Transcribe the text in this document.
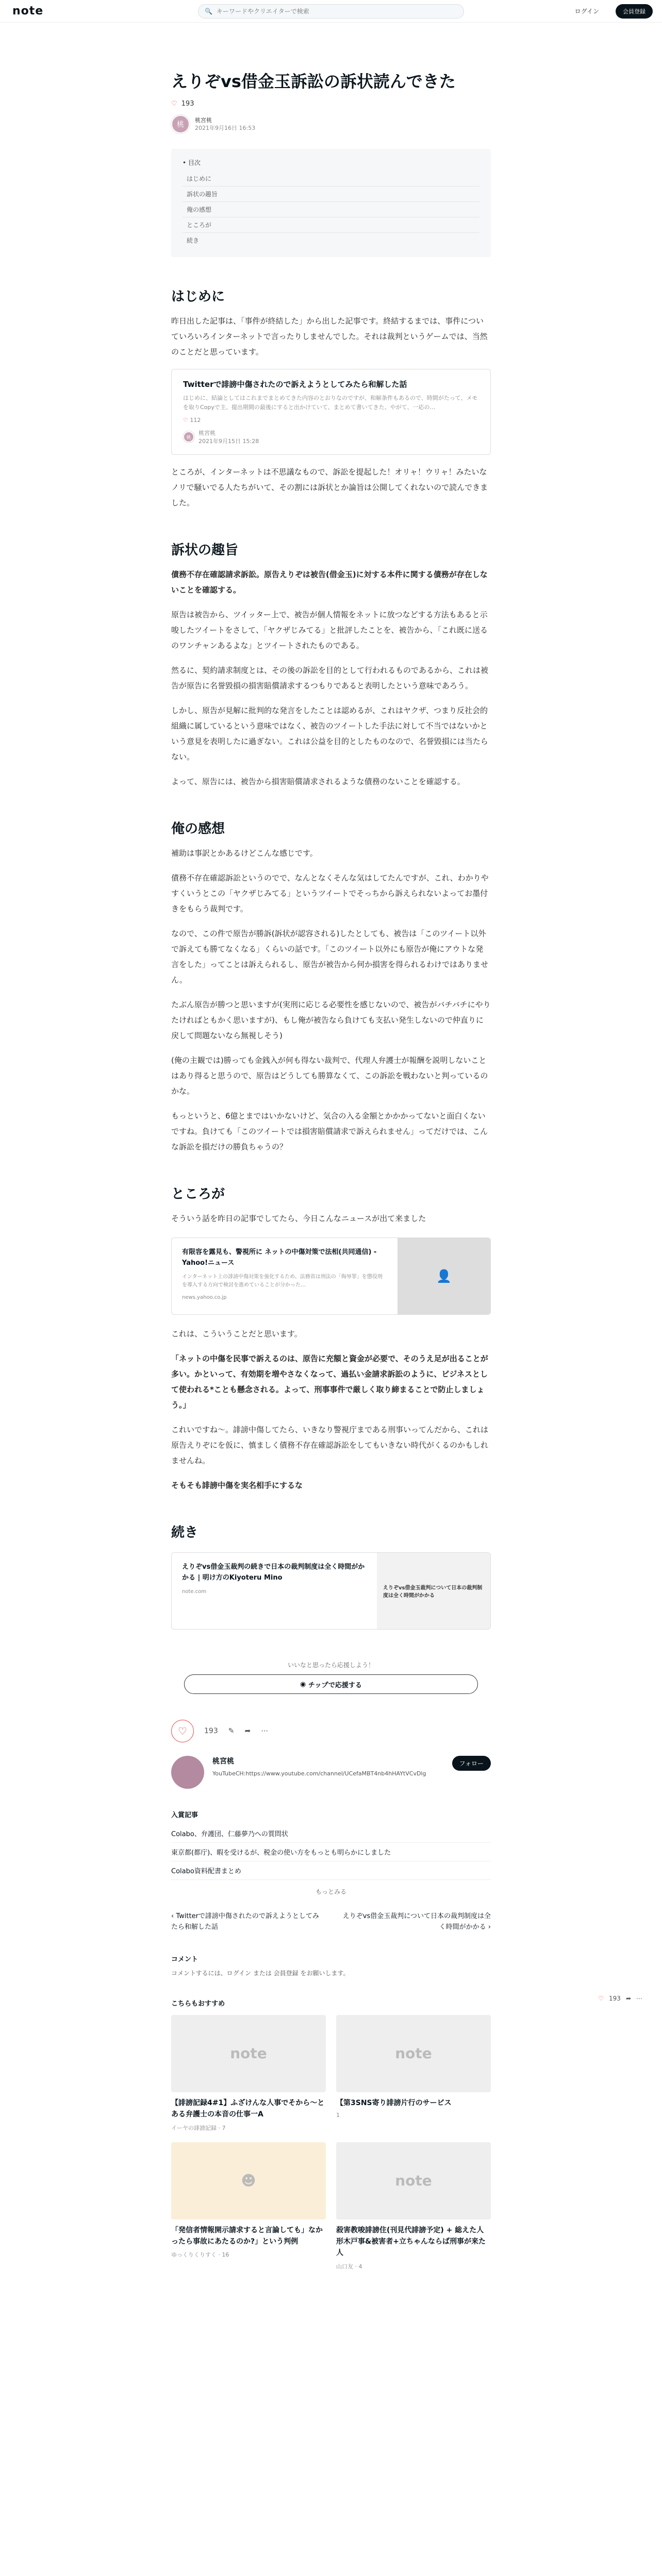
note	🔍
キーワードやクリエイターで検索	ログイン	会員登録
えりぞvs借金玉訴訟の訴状読んできた
♡ 193
桃
桃宮桃
2021年9月16日 16:53
• 目次
はじめに
訴状の趣旨
俺の感想
ところが
続き
はじめに

昨日出した記事は、「事件が終結した」から出した記事です。終結するまでは、事件についていろいろインターネットで言ったりしませんでした。それは裁判というゲームでは、当然のことだと思っています。

Twitterで誹謗中傷されたので訴えようとしてみたら和解した話
はじめに、結論としてはこれまでまとめてきた内容のとおりなのですが、和解条件もあるので、時間がたって、メモを取りCopyで主、提出期間の最後にすると出かけていて、まとめて書いてきた、やがて、一応の…
♡ 112
桃
桃宮桃
2021年9月15日 15:28

ところが、インターネットは不思議なもので、訴訟を提起した！オリャ！ウリャ！みたいなノリで騒いでる人たちがいて、その割には訴状とか論旨は公開してくれないので読んできました。

訴状の趣旨

債務不存在確認請求訴訟。原告えりぞは被告(借金玉)に対する本件に関する債務が存在しないことを確認する。

原告は被告から、ツイッター上で、被告が個人情報をネットに放つなどする方法もあると示唆したツイートをさして、「ヤクザじみてる」と批評したことを、被告から、「これ既に送るのワンチャンあるよな」とツイートされたものである。

然るに、契約請求制度とは、その後の訴訟を目的として行われるものであるから、これは被告が原告に名誉毀損の損害賠償請求するつもりであると表明したという意味であろう。

しかし、原告が見解に批判的な発言をしたことは認めるが、これはヤクザ、つまり反社会的組織に属しているという意味ではなく、被告のツイートした手法に対して不当ではないかという意見を表明したに過ぎない。これは公益を目的としたものなので、名誉毀損には当たらない。

よって、原告には、被告から損害賠償請求されるような債務のないことを確認する。

俺の感想

補助は事訳とかあるけどこんな感じです。

債務不存在確認訴訟というのでで、なんとなくそんな気はしてたんですが、これ、わかりやすくいうとこの「ヤクザじみてる」というツイートでそっちから訴えられないよってお墨付きをもらう裁判です。

なので、この件で原告が勝訴(訴状が認容される)したとしても、被告は「このツイート以外で訴えても勝てなくなる」くらいの話です。「このツイート以外にも原告が俺にアウトな発言をした」ってことは訴えられるし、原告が被告から何か損害を得られるわけではありません。

たぶん原告が勝つと思いますが(実刑に応じる必要性を感じないので、被告がバチバチにやりたければともかく思いますが)、もし俺が被告なら負けても支払い発生しないので仲直りに戻して問題ないなら無視しそう)

(俺の主観では)勝っても金銭入が何も得ない裁判で、代理人弁護士が報酬を説明しないことはあり得ると思うので、原告はどうしても勝算なくて、この訴訟を戦わないと判っているのかな。

もっというと、6億とまではいかないけど、気合の入る金額とかかかってないと面白くないですね。負けても「このツイートでは損害賠償請求で訴えられません」ってだけでは、こんな訴訟を損だけの勝負ちゃうの？

ところが

そういう話を昨日の記事でしてたら、今日こんなニュースが出て来ました

有限容を露見も、警視所に ネットの中傷対策で法相(共同通信) - Yahoo!ニュース
インターネット上の誹謗中傷対策を強化するため、法務省は刑法の「侮辱罪」を懲役刑を導入する方向で検討を進めていることが分かった…
news.yahoo.co.jp
👤

これは、こういうことだと思います。

「ネットの中傷を民事で訴えるのは、原告に充額と資金が必要で、そのうえ足が出ることが多い。かといって、有効期を増やさなくなって、過払い金請求訴訟のように、ビジネスとして使われる*ことも懸念される。よって、刑事事件で厳しく取り締まることで防止しましょう。」

これいですね〜。誹謗中傷してたら、いきなり警視庁まである刑事いってんだから、これは原告えりぞにを仮に、慎ましく債務不存在確認訴訟をしてもいきない時代がくるのかもしれませんね。

そもそも誹謗中傷を実名相手にするな

続き
えりぞvs借金玉裁判の続きで日本の裁判制度は全く時間がかかる | 明け方のKiyoteru Mino
note.com
えりぞvs借金玉裁判について日本の裁判制度は全く時間がかかる
いいなと思ったら応援しよう！
◉ チップで応援する
♡	193 ✎ ➦ ⋯
桃宮桃
YouTubeCH:https://www.youtube.com/channel/UCefaMBT4nb4hHAYtVCvDlg
フォロー
入賞記事
Colabo、弁護団、仁藤夢乃への質問状
東京都(都庁)、暇を受けるが、税金の使い方をもっとも明らかにしました
Colabo資料配書まとめ
もっとみる
‹ Twitterで誹謗中傷されたので訴えようとしてみたら和解した話
えりぞvs借金玉裁判について日本の裁判制度は全く時間がかかる ›
コメント
コメントするには、ログイン または 会員登録 をお願いします。
こちらもおすすめ
note
【誹謗記録4#1】ふざけんな人事でそから〜とある弁護士の本音の仕事一A
イーヤの誹謗記録 · 7
note
【第3SNS寄り誹謗片行のサービス
1
☻
「発信者情報開示請求すると言論しても」なかったら事故にあたるのか?」という判例
ゆっくりくりすく · 16
note
殺害教唆誹謗住(刊見代誹謗予定) + 総えた人形木戸事&被害者+立ちゃんならば刑事が来た人
山口友 · 4
♡ 193 ➦ ⋯
